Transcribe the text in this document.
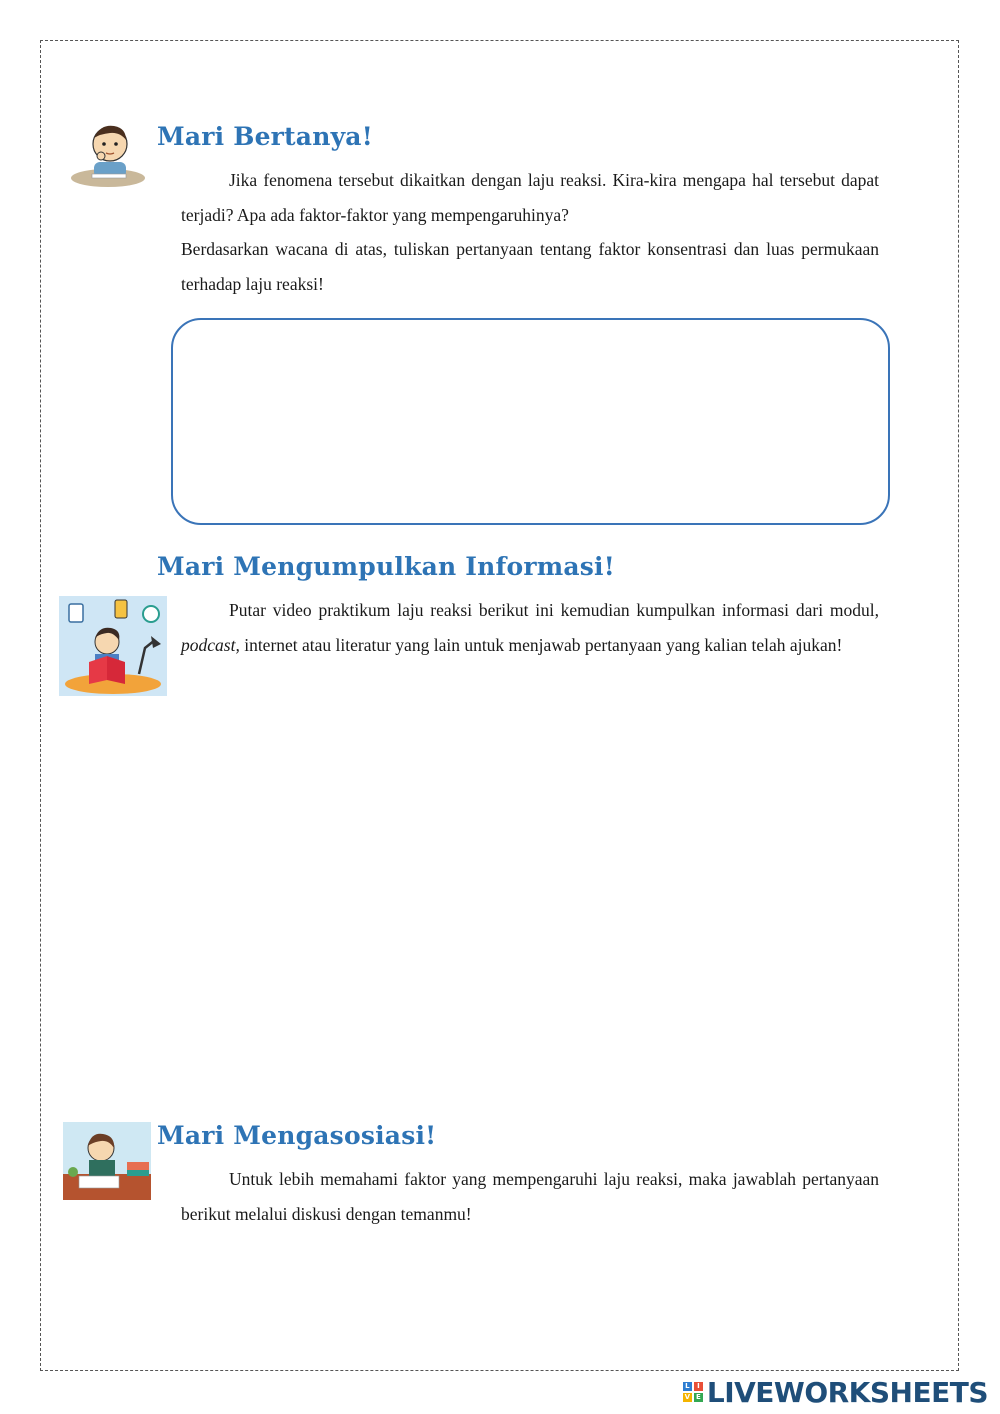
Mari Bertanya!

Jika fenomena tersebut dikaitkan dengan laju reaksi. Kira-kira mengapa hal tersebut dapat terjadi? Apa ada faktor-faktor yang mempengaruhinya?

Berdasarkan wacana di atas, tuliskan pertanyaan tentang faktor konsentrasi dan luas permukaan terhadap laju reaksi!

Mari Mengumpulkan Informasi!

Putar video praktikum laju reaksi berikut ini kemudian kumpulkan informasi dari modul, podcast, internet atau literatur yang lain untuk menjawab pertanyaan yang kalian telah ajukan!

Mari Mengasosiasi!

Untuk lebih memahami faktor yang mempengaruhi laju reaksi, maka jawablah pertanyaan berikut melalui diskusi dengan temanmu!

L	I
V E LIVEWORKSHEETS
